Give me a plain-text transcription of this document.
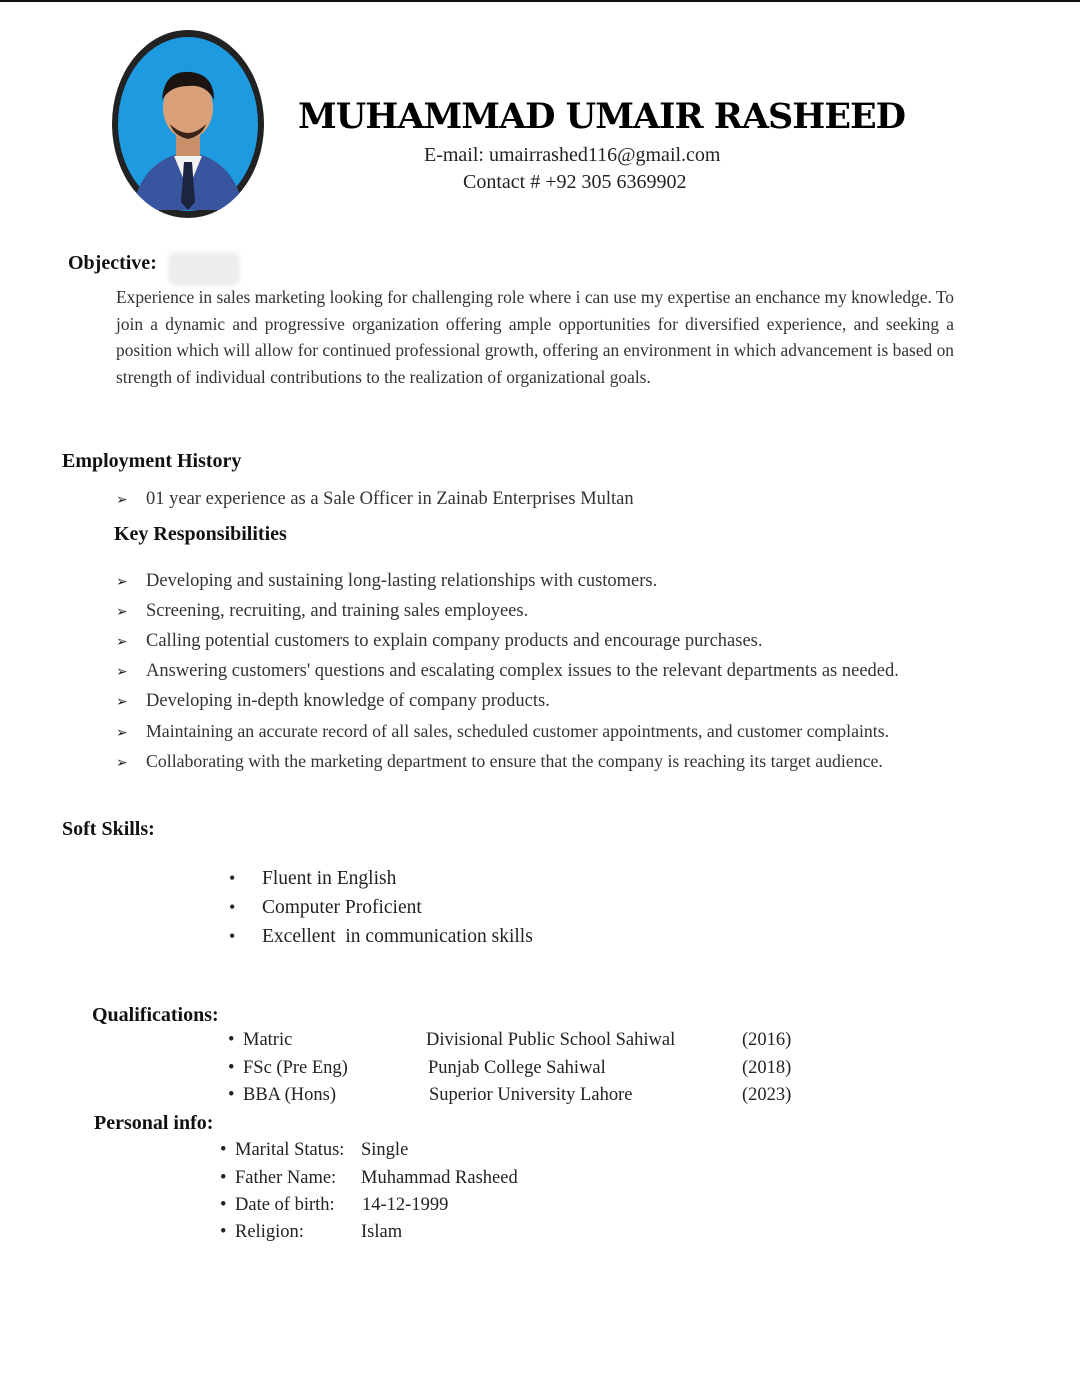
MUHAMMAD UMAIR RASHEED
E-mail: umairrashed116@gmail.com
Contact # +92 305 6369902
Objective:
Experience in sales marketing looking for challenging role where i can use my expertise an enchance my knowledge. To join a dynamic and progressive organization offering ample opportunities for diversified experience, and seeking a position which will allow for continued professional growth, offering an environment in which advancement is based on strength of individual contributions to the realization of organizational goals.
Employment History
➢ 01 year experience as a Sale Officer in Zainab Enterprises Multan
Key Responsibilities
➢ Developing and sustaining long-lasting relationships with customers.
➢ Screening, recruiting, and training sales employees.
➢ Calling potential customers to explain company products and encourage purchases.
➢ Answering customers' questions and escalating complex issues to the relevant departments as needed.
➢ Developing in-depth knowledge of company products.
➢ Maintaining an accurate record of all sales, scheduled customer appointments, and customer complaints.
➢ Collaborating with the marketing department to ensure that the company is reaching its target audience.
Soft Skills:
• Fluent in English
• Computer Proficient
• Excellent  in communication skills
Qualifications:
• Matric	Divisional Public School Sahiwal	(2016)
• FSc (Pre Eng)	Punjab College Sahiwal	(2018)
• BBA (Hons)	Superior University Lahore	(2023)
Personal info:
• Marital Status: Single
• Father Name: Muhammad Rasheed
• Date of birth: 14-12-1999
• Religion:	Islam
